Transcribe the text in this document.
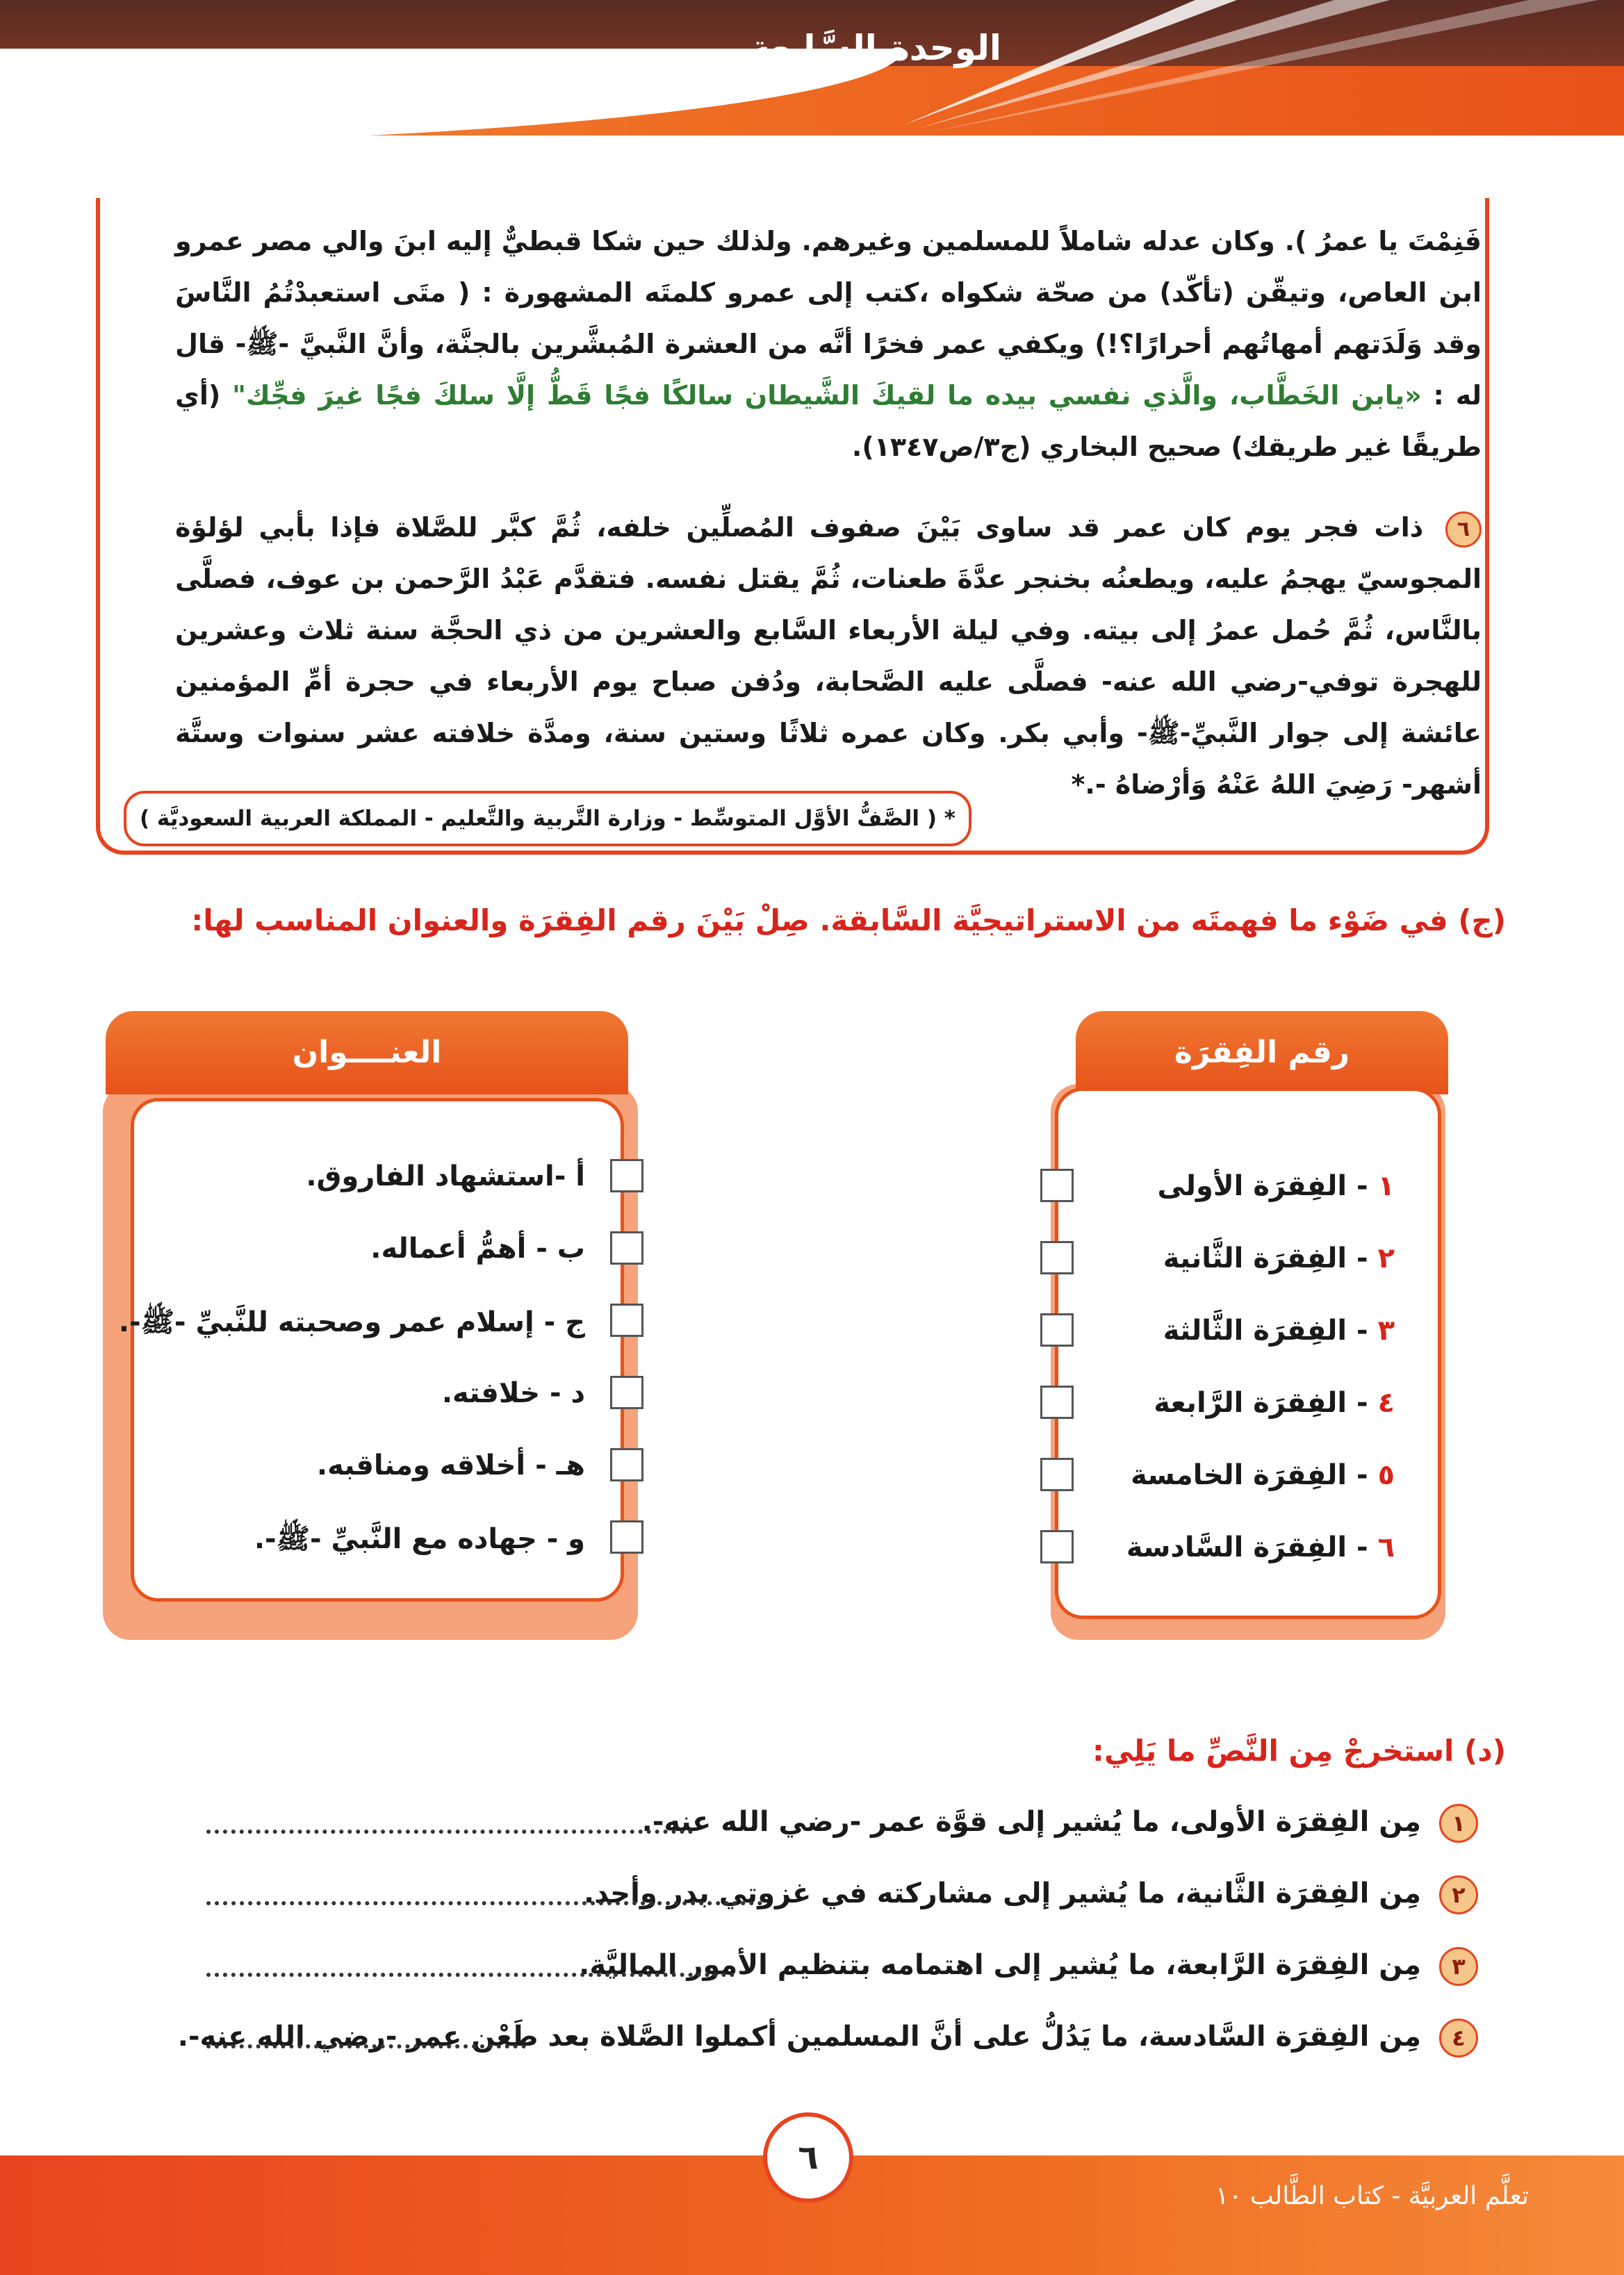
الوحدة السَّابعة
فَنِمْتَ يا عمرُ ). وكان عدله شاملاً للمسلمين وغيرهم. ولذلك حين شكا قبطيٌّ إليه ابنَ والي مصر عمرو ابن العاص، وتيقّن (تأكّد) من صحّة شكواه ،كتب إلى عمرو كلمتَه المشهورة : ( متَى استعبدْتُمُ النَّاسَ وقد وَلَدَتهم أمهاتُهم أحرارًا؟!) ويكفي عمر فخرًا أنَّه من العشرة المُبشَّرين بالجنَّة، وأنَّ النَّبيَّ -ﷺ- قال له : «يابن الخَطَّاب، والَّذي نفسي بيده ما لقيكَ الشَّيطان سالكًا فجًا قَطُّ إلَّا سلكَ فجًا غيرَ فجِّك" (أي طريقًا غير طريقك) صحيح البخاري (ج٣/ص١٣٤٧).
٦ ذات فجر يوم كان عمر قد ساوى بَيْنَ صفوف المُصلِّين خلفه، ثُمَّ كبَّر للصَّلاة فإذا بأبي لؤلؤة المجوسيّ يهجمُ عليه، ويطعنُه بخنجر عدَّةَ طعنات، ثُمَّ يقتل نفسه. فتقدَّم عَبْدُ الرَّحمن بن عوف، فصلَّى بالنَّاس، ثُمَّ حُمل عمرُ إلى بيته. وفي ليلة الأربعاء السَّابع والعشرين من ذي الحجَّة سنة ثلاث وعشرين للهجرة توفي-رضي الله عنه- فصلَّى عليه الصَّحابة، ودُفن صباح يوم الأربعاء في حجرة أمِّ المؤمنين عائشة إلى جوار النَّبيِّ-ﷺ- وأبي بكر. وكان عمره ثلاثًا وستين سنة، ومدَّة خلافته عشر سنوات وستَّة أشهر- رَضِيَ اللهُ عَنْهُ وَأرْضاهُ -.*
* ( الصَّفُّ الأوَّل المتوسِّط - وزارة التَّربية والتَّعليم - المملكة العربية السعوديَّة )
(ج) في ضَوْء ما فهمتَه من الاستراتيجيَّة السَّابقة. صِلْ بَيْنَ رقم الفِقرَة والعنوان المناسب لها:
رقم الفِقرَة
العنــــوان
١ - الفِقرَة الأولى
٢ - الفِقرَة الثَّانية
٣ - الفِقرَة الثَّالثة
٤ - الفِقرَة الرَّابعة
٥ - الفِقرَة الخامسة
٦ - الفِقرَة السَّادسة
أ -استشهاد الفاروق.
ب - أهمُّ أعماله.
ج - إسلام عمر وصحبته للنَّبيِّ -ﷺ-.
د - خلافته.
هـ - أخلاقه ومناقبه.
و - جهاده مع النَّبيِّ -ﷺ-.
(د) استخرجْ مِن النَّصِّ ما يَلِي:
١ مِن الفِقرَة الأولى، ما يُشير إلى قوَّة عمر -رضي الله عنه-.
٢ مِن الفِقرَة الثَّانية، ما يُشير إلى مشاركته في غزوتي بدر وأحد.
٣ مِن الفِقرَة الرَّابعة، ما يُشير إلى اهتمامه بتنظيم الأمور الماليَّة.
٤ مِن الفِقرَة السَّادسة، ما يَدُلُّ على أنَّ المسلمين أكملوا الصَّلاة بعد طَعْن عمر -رضي الله عنه-.
٦
تعلَّم العربيَّة - كتاب الطَّالب ١٠
